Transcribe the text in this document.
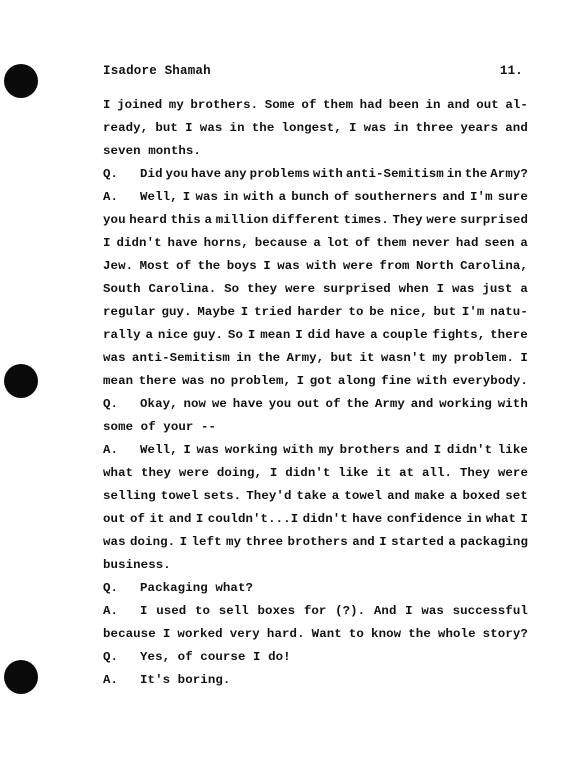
Isadore Shamah	11.
I joined my brothers. Some of them had been in and out al-
ready, but I was in the longest, I was in three years and
seven months.
Q.	Did you have any problems with anti-Semitism in the Army?
A.	Well, I was in with a bunch of southerners and I'm sure
you heard this a million different times. They were surprised
I didn't have horns, because a lot of them never had seen a
Jew. Most of the boys I was with were from North Carolina,
South Carolina. So they were surprised when I was just a
regular guy. Maybe I tried harder to be nice, but I'm natu-
rally a nice guy. So I mean I did have a couple fights, there
was anti-Semitism in the Army, but it wasn't my problem. I
mean there was no problem, I got along fine with everybody.
Q.	Okay, now we have you out of the Army and working with
some of your --
A.	Well, I was working with my brothers and I didn't like
what they were doing, I didn't like it at all. They were
selling towel sets. They'd take a towel and make a boxed set
out of it and I couldn't...I didn't have confidence in what I
was doing. I left my three brothers and I started a packaging
business.
Q.	Packaging what?
A.	I used to sell boxes for (?). And I was successful
because I worked very hard. Want to know the whole story?
Q.	Yes, of course I do!
A.	It's boring.
